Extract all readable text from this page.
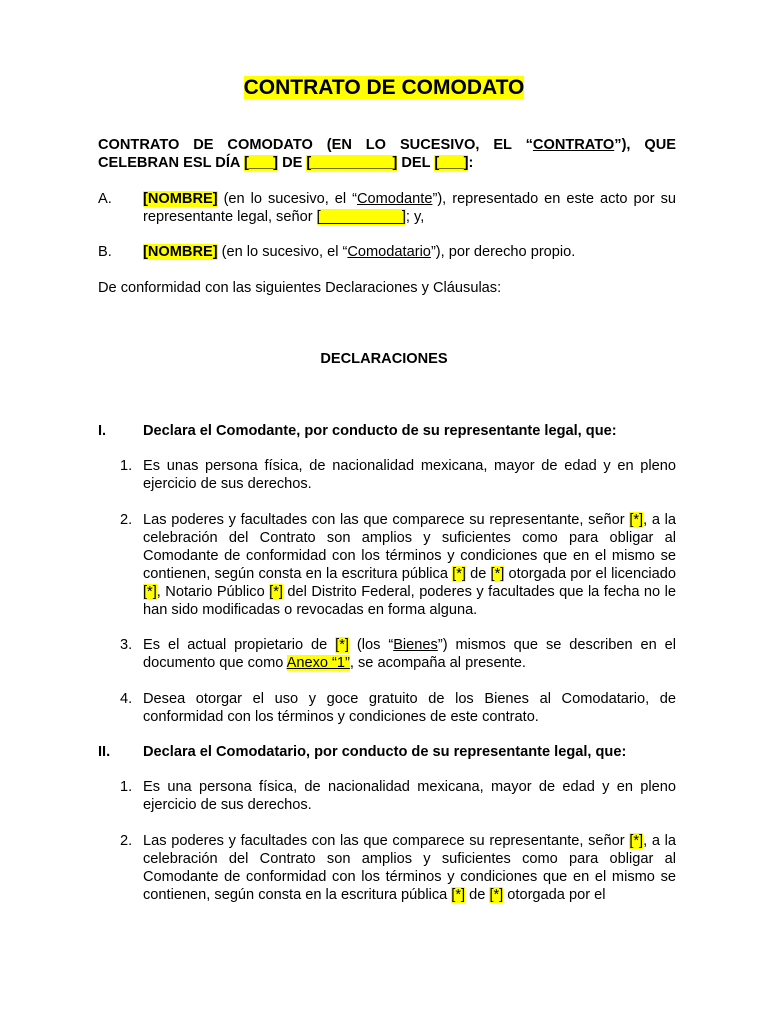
CONTRATO DE COMODATO
CONTRATO DE COMODATO (EN LO SUCESIVO, EL “CONTRATO”), QUE CELEBRAN ESL DÍA [___] DE [__________] DEL [___]:
A. [NOMBRE] (en lo sucesivo, el “Comodante”), representado en este acto por su representante legal, señor [__________]; y,
B. [NOMBRE] (en lo sucesivo, el “Comodatario”), por derecho propio.
De conformidad con las siguientes Declaraciones y Cláusulas:
DECLARACIONES
I.	Declara el Comodante, por conducto de su representante legal, que:
1. Es unas persona física, de nacionalidad mexicana, mayor de edad y en pleno ejercicio de sus derechos.
2. Las poderes y facultades con las que comparece su representante, señor [*], a la celebración del Contrato son amplios y suficientes como para obligar al Comodante de conformidad con los términos y condiciones que en el mismo se contienen, según consta en la escritura pública [*] de [*] otorgada por el licenciado [*], Notario Público [*] del Distrito Federal, poderes y facultades que la fecha no le han sido modificadas o revocadas en forma alguna.
3. Es el actual propietario de [*] (los “Bienes”) mismos que se describen en el documento que como Anexo “1”, se acompaña al presente.
4. Desea otorgar el uso y goce gratuito de los Bienes al Comodatario, de conformidad con los términos y condiciones de este contrato.
II. Declara el Comodatario, por conducto de su representante legal, que:
1. Es una persona física, de nacionalidad mexicana, mayor de edad y en pleno ejercicio de sus derechos.
2. Las poderes y facultades con las que comparece su representante, señor [*], a la celebración del Contrato son amplios y suficientes como para obligar al Comodante de conformidad con los términos y condiciones que en el mismo se contienen, según consta en la escritura pública [*] de [*] otorgada por el
